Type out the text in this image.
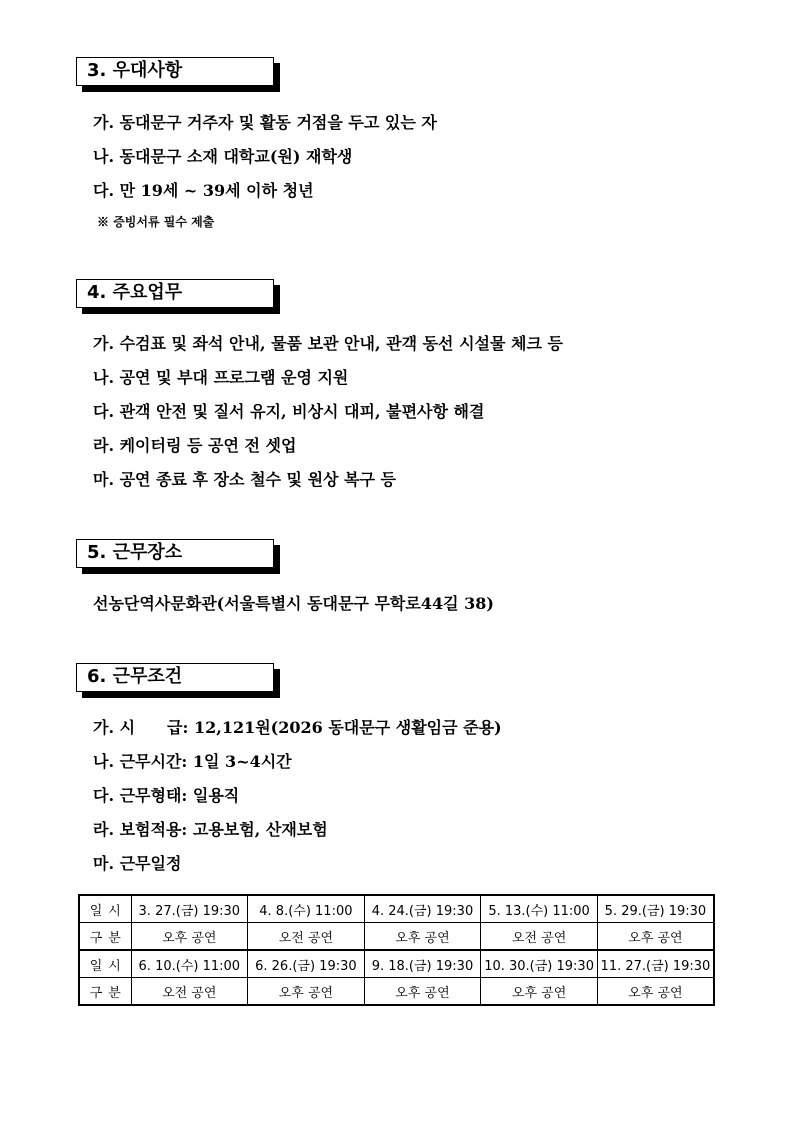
3. 우대사항
가. 동대문구 거주자 및 활동 거점을 두고 있는 자
나. 동대문구 소재 대학교(원) 재학생
다. 만 19세 ~ 39세 이하 청년
※ 증빙서류 필수 제출
4. 주요업무
가. 수검표 및 좌석 안내, 물품 보관 안내, 관객 동선 시설물 체크 등
나. 공연 및 부대 프로그램 운영 지원
다. 관객 안전 및 질서 유지, 비상시 대피, 불편사항 해결
라. 케이터링 등 공연 전 셋업
마. 공연 종료 후 장소 철수 및 원상 복구 등
5. 근무장소
선농단역사문화관(서울특별시 동대문구 무학로44길 38)
6. 근무조건
가. 시　　급: 12,121원(2026 동대문구 생활임금 준용)
나. 근무시간: 1일 3~4시간
다. 근무형태: 일용직
라. 보험적용: 고용보험, 산재보험
마. 근무일정
일시	3. 27.(금) 19:30	4. 8.(수) 11:00	4. 24.(금) 19:30	5. 13.(수) 11:00	5. 29.(금) 19:30
구분	오후 공연	오전 공연	오후 공연	오전 공연	오후 공연
일시	6. 10.(수) 11:00	6. 26.(금) 19:30	9. 18.(금) 19:30	10. 30.(금) 19:30	11. 27.(금) 19:30
구분	오전 공연	오후 공연	오후 공연	오후 공연	오후 공연
